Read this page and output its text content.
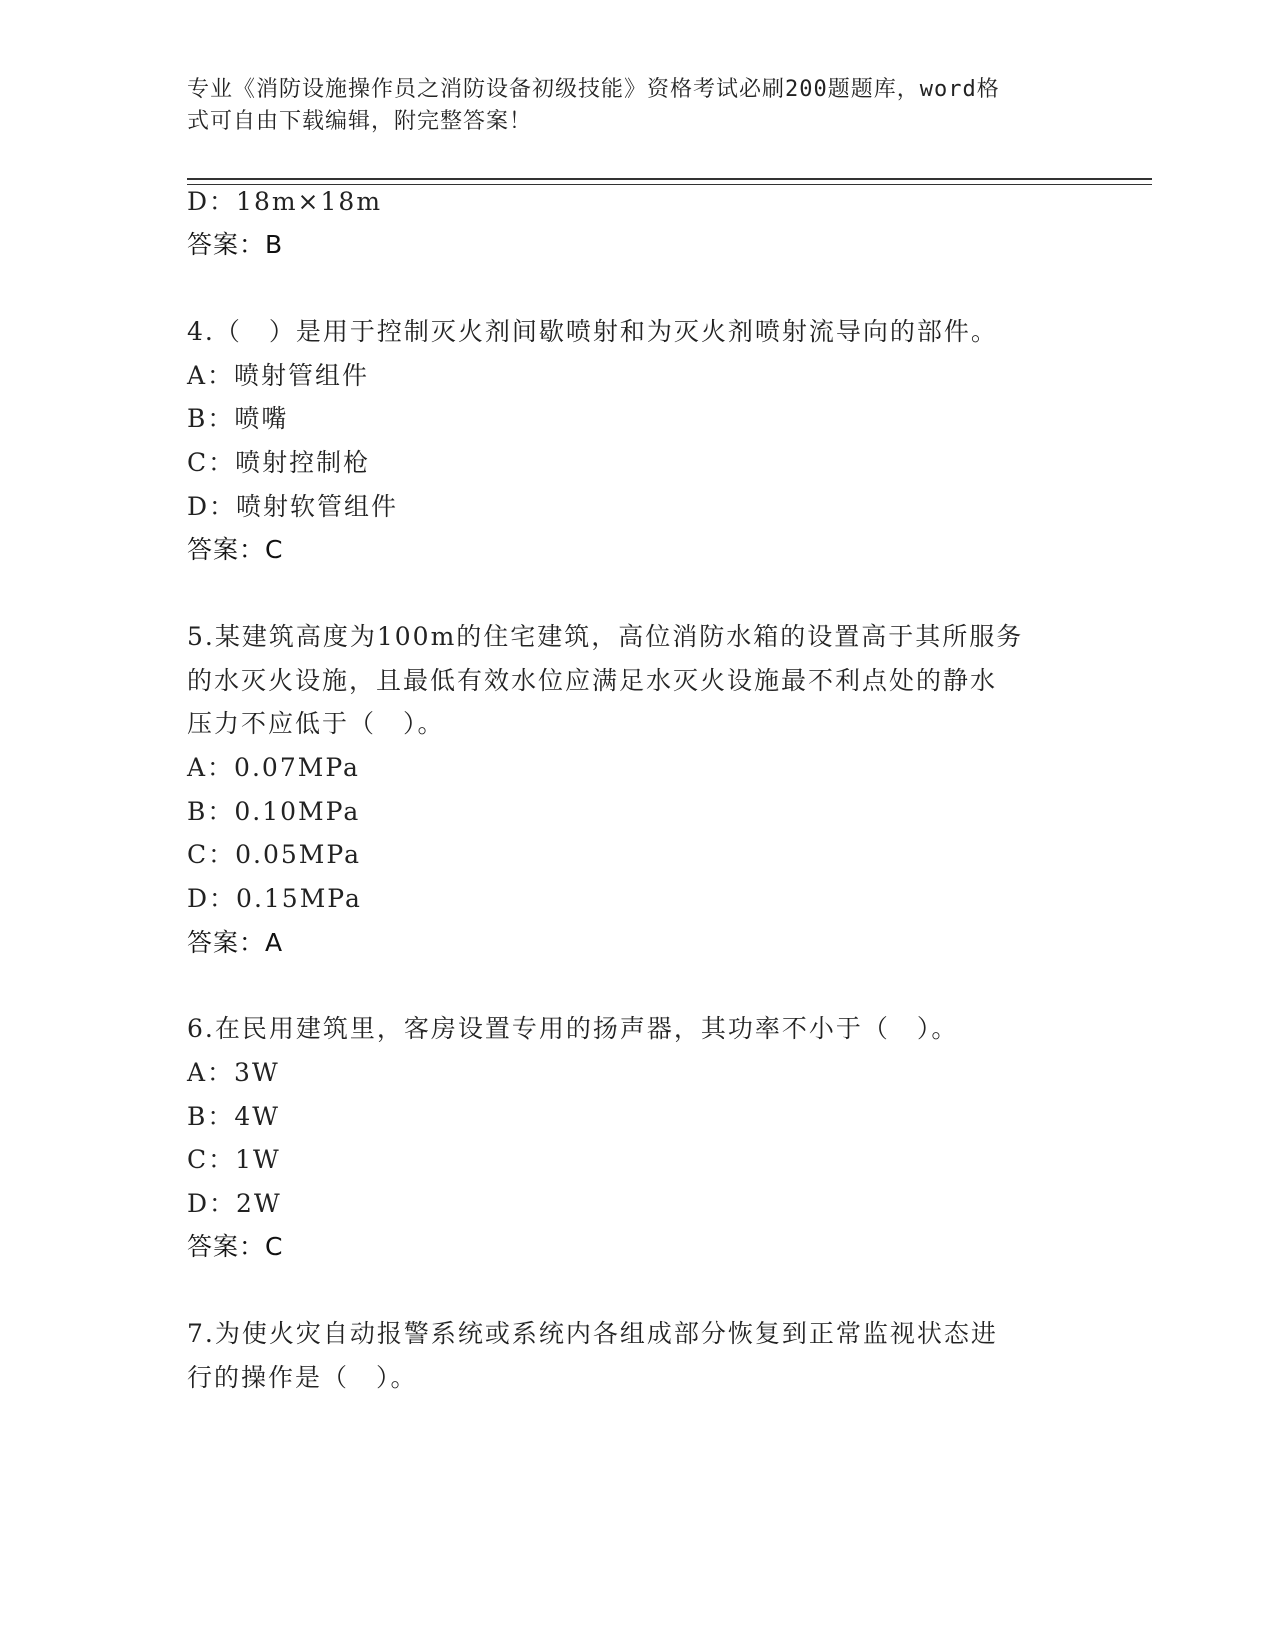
专业《消防设施操作员之消防设备初级技能》资格考试必刷200题题库，word格
式可自由下载编辑，附完整答案！
D：18m×18m
答案：B
4.（　）是用于控制灭火剂间歇喷射和为灭火剂喷射流导向的部件。
A：喷射管组件
B：喷嘴
C：喷射控制枪
D：喷射软管组件
答案：C
5.某建筑高度为100m的住宅建筑，高位消防水箱的设置高于其所服务
的水灭火设施，且最低有效水位应满足水灭火设施最不利点处的静水
压力不应低于（　）。
A：0.07MPa
B：0.10MPa
C：0.05MPa
D：0.15MPa
答案：A
6.在民用建筑里，客房设置专用的扬声器，其功率不小于（　）。
A：3W
B：4W
C：1W
D：2W
答案：C
7.为使火灾自动报警系统或系统内各组成部分恢复到正常监视状态进
行的操作是（　）。
